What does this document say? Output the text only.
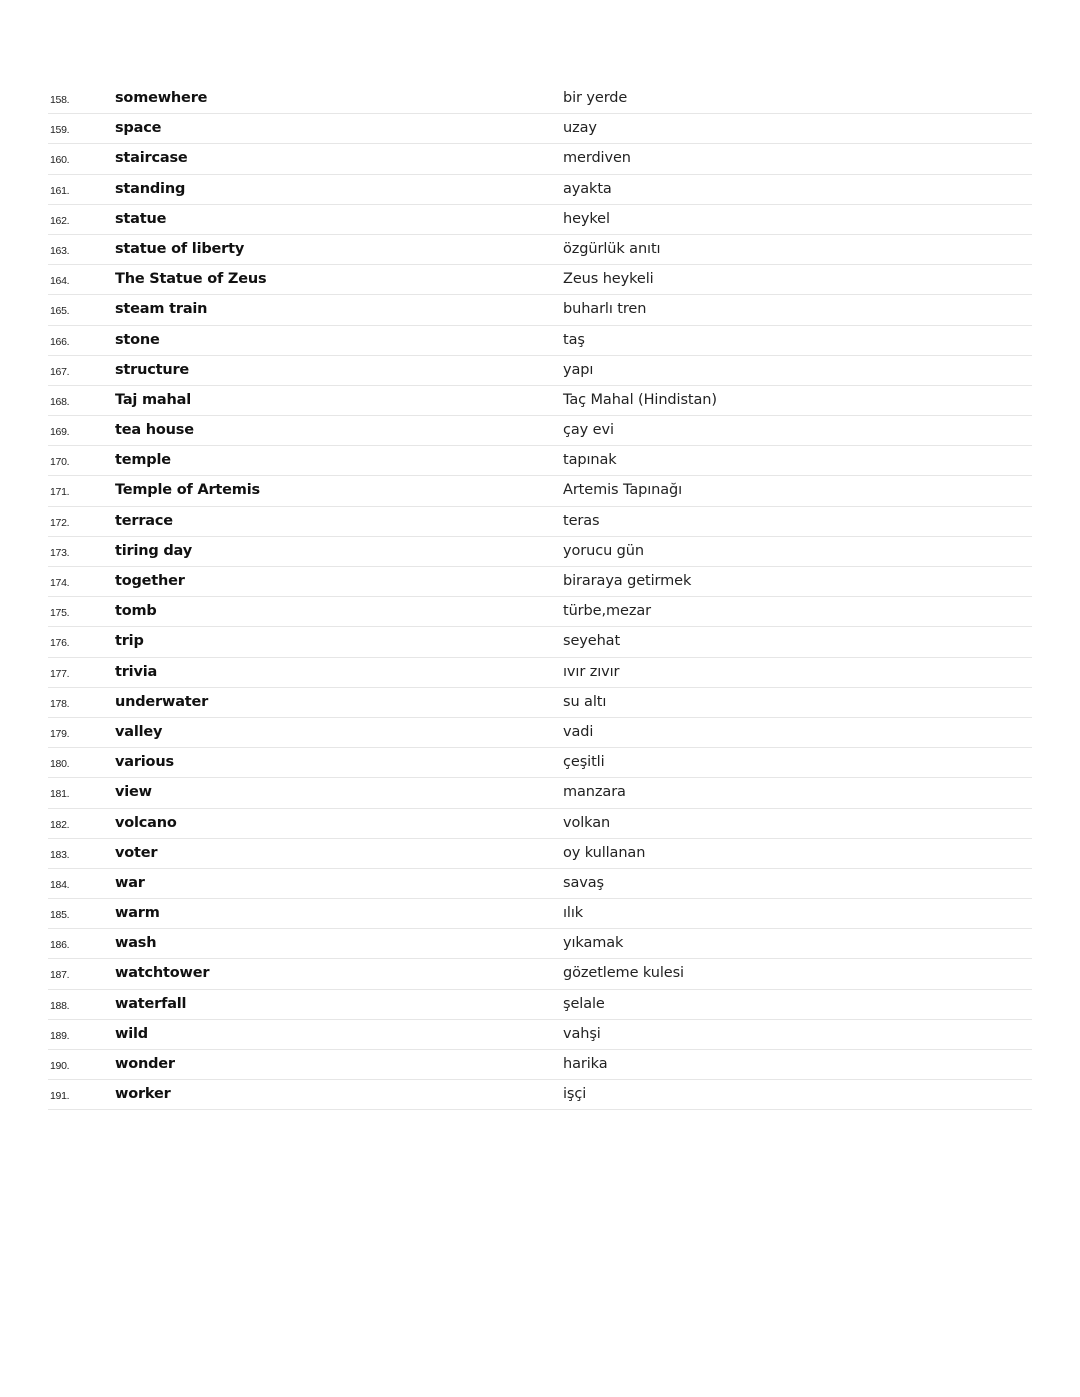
158.	somewhere	bir yerde
159.	space	uzay
160.	staircase	merdiven
161.	standing	ayakta
162.	statue	heykel
163.	statue of liberty	özgürlük anıtı
164.	The Statue of Zeus	Zeus heykeli
165.	steam train	buharlı tren
166.	stone	taş
167.	structure	yapı
168.	Taj mahal	Taç Mahal (Hindistan)
169.	tea house	çay evi
170.	temple	tapınak
171.	Temple of Artemis	Artemis Tapınağı
172.	terrace	teras
173.	tiring day	yorucu gün
174.	together	biraraya getirmek
175.	tomb	türbe,mezar
176.	trip	seyehat
177.	trivia	ıvır zıvır
178.	underwater	su altı
179.	valley	vadi
180.	various	çeşitli
181.	view	manzara
182.	volcano	volkan
183.	voter	oy kullanan
184.	war	savaş
185.	warm	ılık
186.	wash	yıkamak
187.	watchtower	gözetleme kulesi
188.	waterfall	şelale
189.	wild	vahşi
190.	wonder	harika
191.	worker	işçi
